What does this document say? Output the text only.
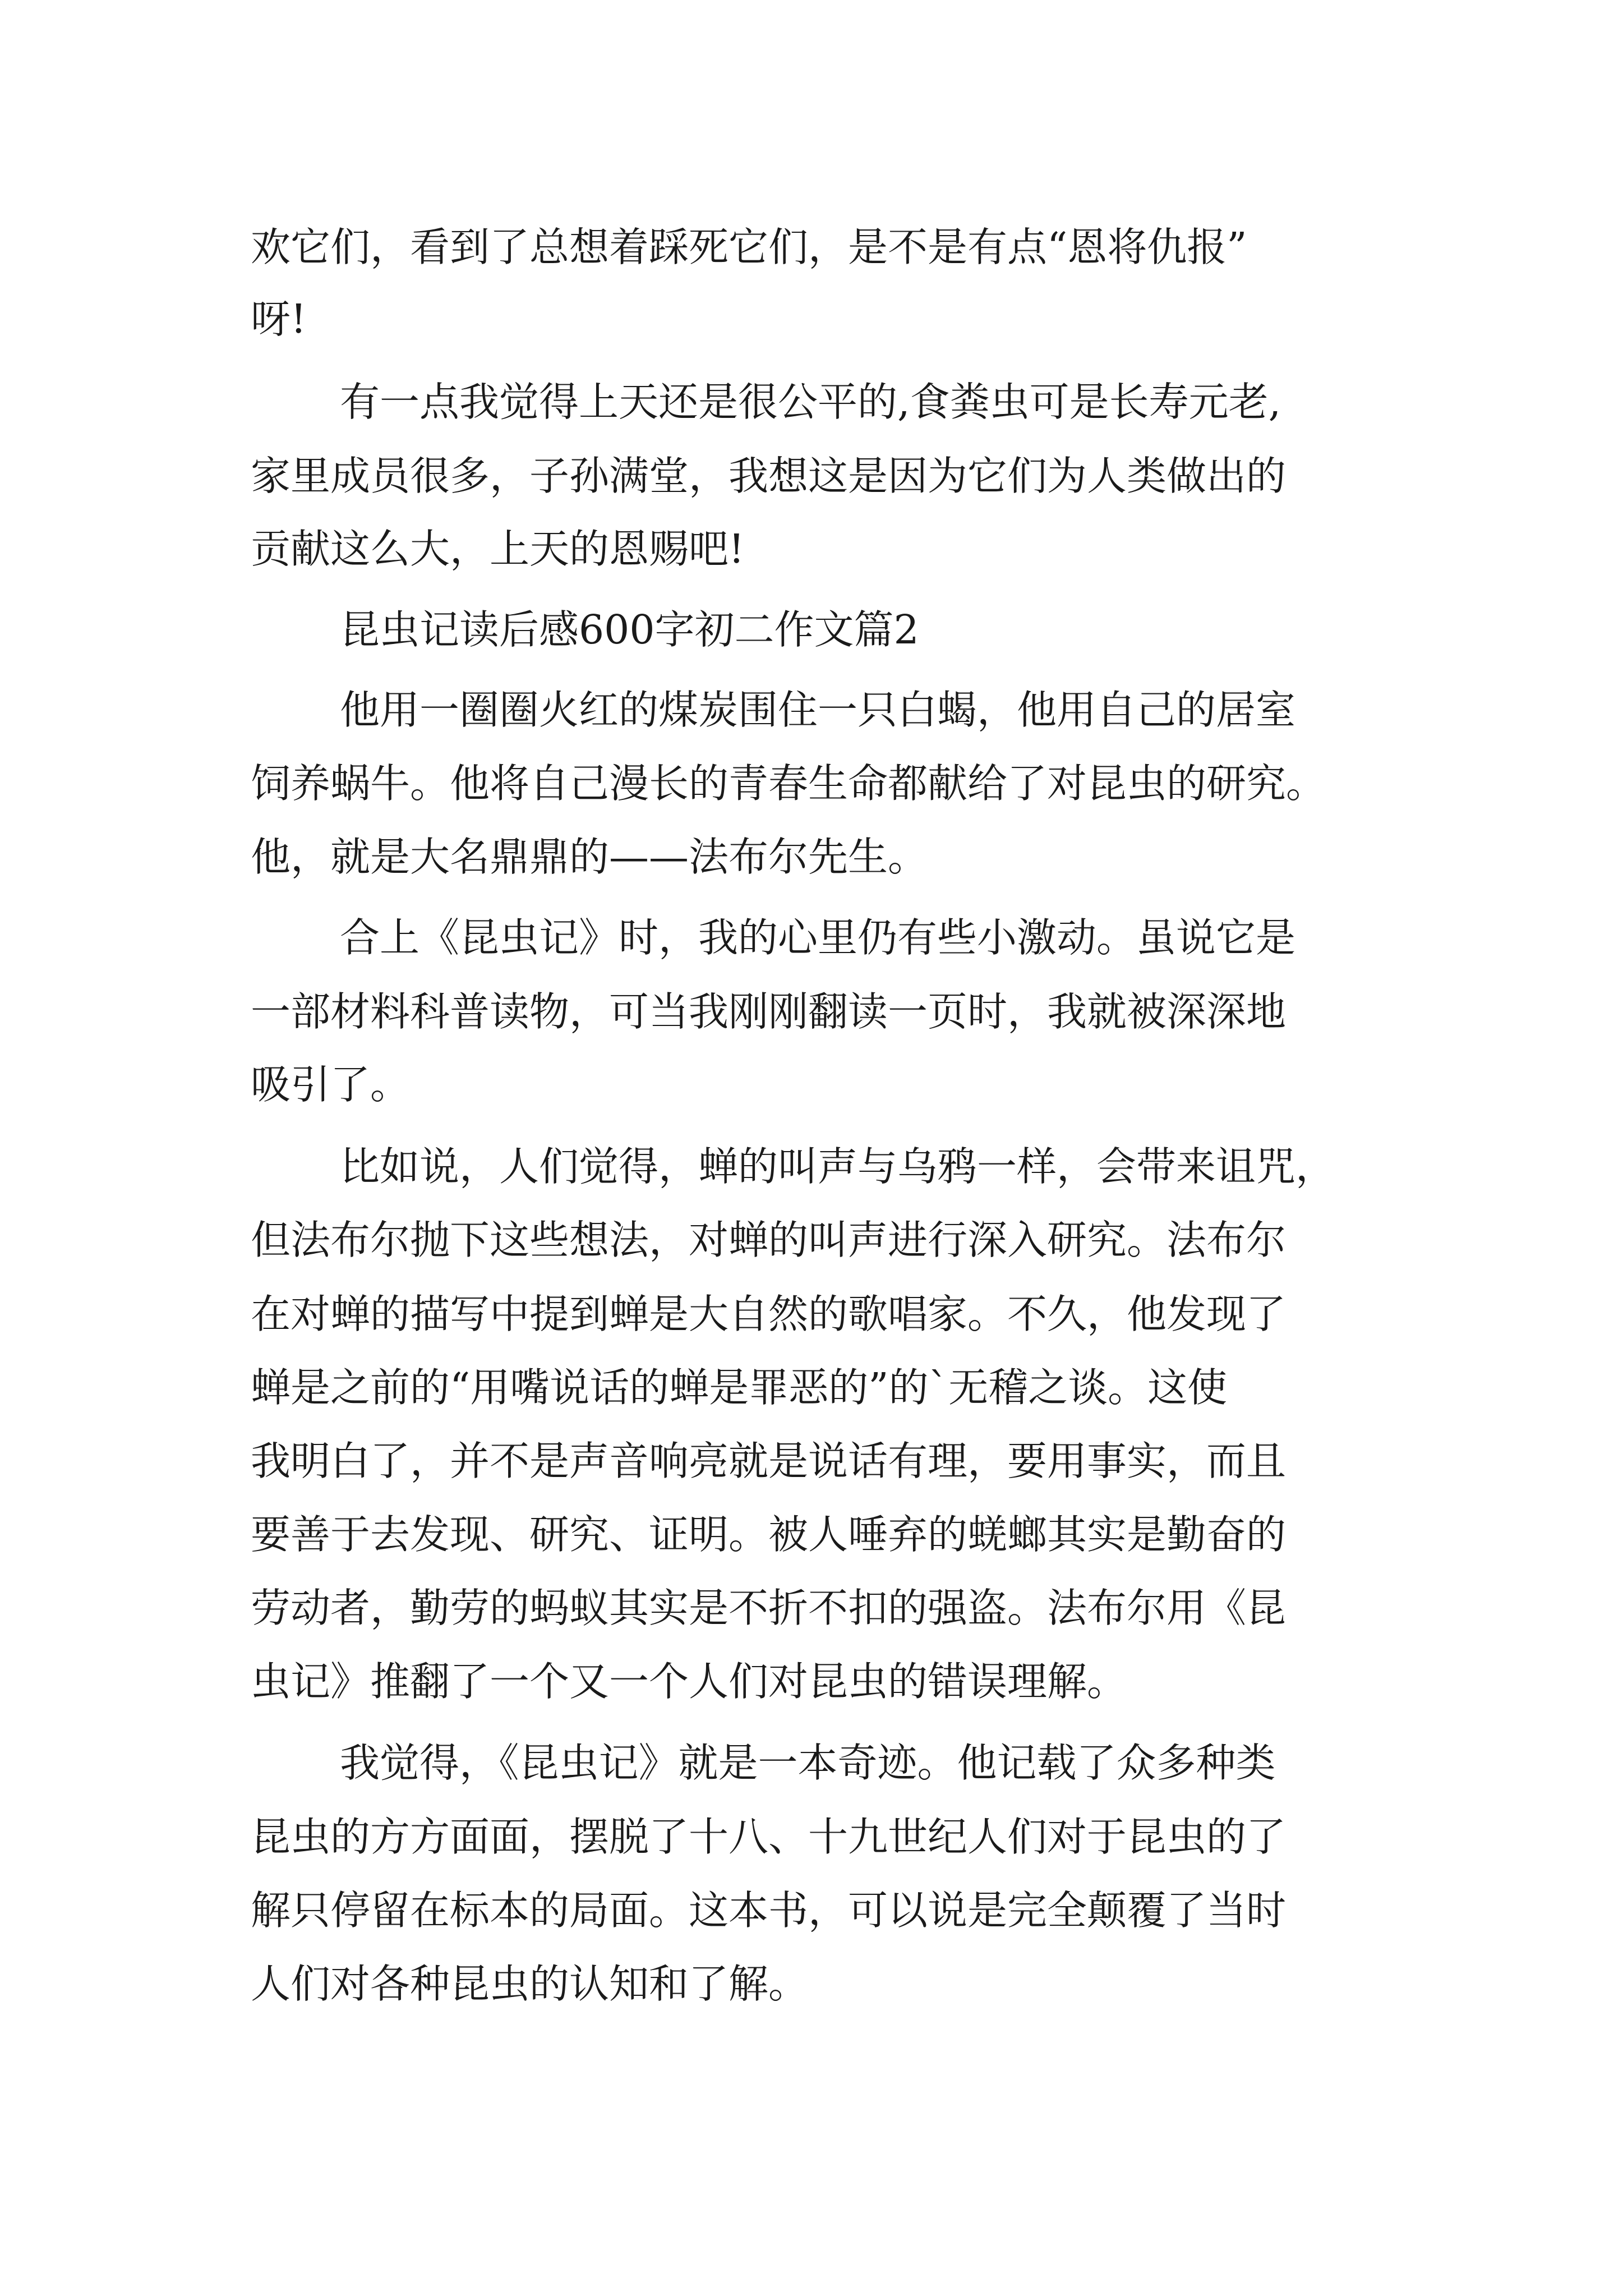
欢它们，看到了总想着踩死它们，是不是有点“恩将仇报”
呀!
有一点我觉得上天还是很公平的,食粪虫可是长寿元老,
家里成员很多，子孙满堂，我想这是因为它们为人类做出的
贡献这么大，上天的恩赐吧!
昆虫记读后感600字初二作文篇2
他用一圈圈火红的煤炭围住一只白蝎，他用自己的居室
饲养蜗牛。他将自己漫长的青春生命都献给了对昆虫的研究。
他，就是大名鼎鼎的——法布尔先生。
合上《昆虫记》时，我的心里仍有些小激动。虽说它是
一部材料科普读物，可当我刚刚翻读一页时，我就被深深地
吸引了。
比如说，人们觉得，蝉的叫声与乌鸦一样，会带来诅咒，
但法布尔抛下这些想法，对蝉的叫声进行深入研究。法布尔
在对蝉的描写中提到蝉是大自然的歌唱家。不久，他发现了
蝉是之前的“用嘴说话的蝉是罪恶的”的`无稽之谈。这使
我明白了，并不是声音响亮就是说话有理，要用事实，而且
要善于去发现、研究、证明。被人唾弃的蜣螂其实是勤奋的
劳动者，勤劳的蚂蚁其实是不折不扣的强盗。法布尔用《昆
虫记》推翻了一个又一个人们对昆虫的错误理解。
我觉得，《昆虫记》就是一本奇迹。他记载了众多种类
昆虫的方方面面，摆脱了十八、十九世纪人们对于昆虫的了
解只停留在标本的局面。这本书，可以说是完全颠覆了当时
人们对各种昆虫的认知和了解。
